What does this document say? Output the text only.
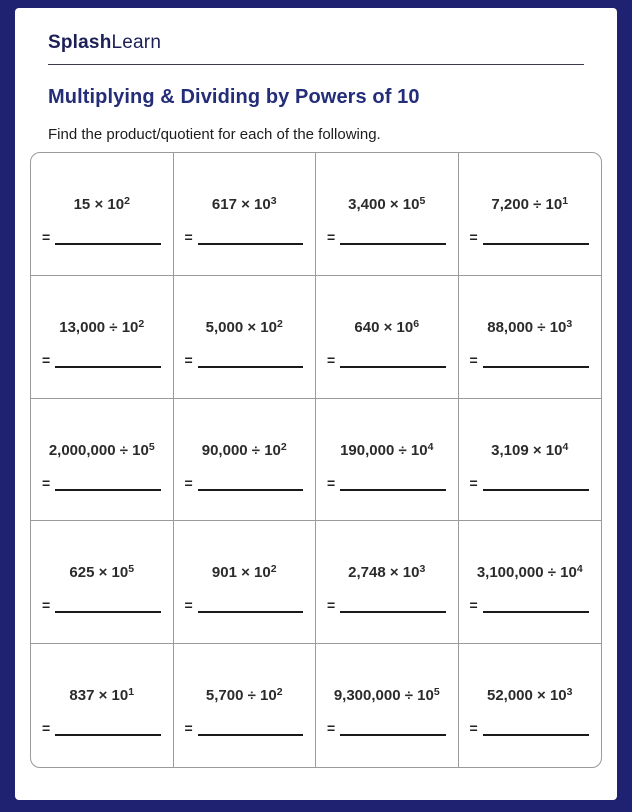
SplashLearn
Multiplying & Dividing by Powers of 10

Find the product/quotient for each of the following.

$15 \times 10^2$
=
$617 \times 10^3$
=
$3,400 \times 10^5$
=
$7,200 \div 10^1$
=
$13,000 \div 10^2$
=
$5,000 \times 10^2$
=
$640 \times 10^6$
=
$88,000 \div 10^3$
=
$2,000,000 \div 10^5$
=
$90,000 \div 10^2$
=
$190,000 \div 10^4$
=
$3,109 \times 10^4$
=
$625 \times 10^5$
=
$901 \times 10^2$
=
$2,748 \times 10^3$
=
$3,100,000 \div 10^4$
=
$837 \times 10^1$
=
$5,700 \div 10^2$
=
$9,300,000 \div 10^5$
=
$52,000 \times 10^3$
=
